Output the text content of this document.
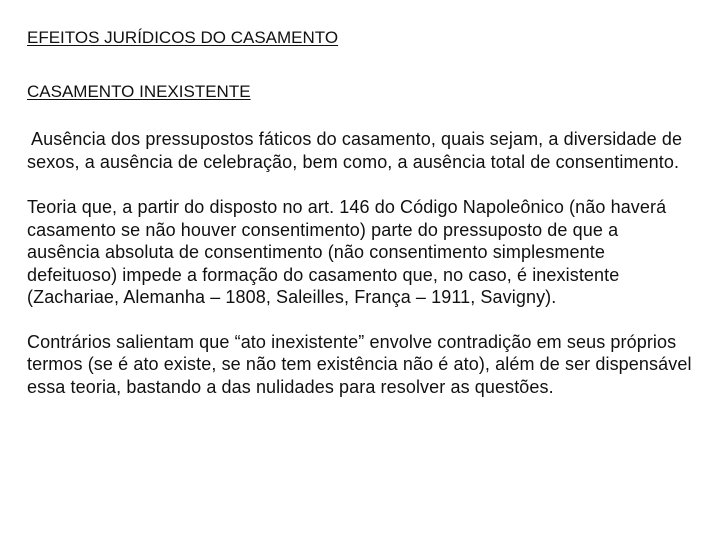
EFEITOS JURÍDICOS DO CASAMENTO
CASAMENTO INEXISTENTE

Ausência dos pressupostos fáticos do casamento, quais sejam, a diversidade de sexos, a ausência de celebração, bem como, a ausência total de consentimento.

Teoria que, a partir do disposto no art. 146 do Código Napoleônico (não haverá casamento se não houver consentimento) parte do pressuposto de que a ausência absoluta de consentimento (não consentimento simplesmente defeituoso) impede a formação do casamento que, no caso, é inexistente (Zachariae, Alemanha – 1808, Saleilles, França – 1911, Savigny).

Contrários salientam que “ato inexistente” envolve contradição em seus próprios termos (se é ato existe, se não tem existência não é ato), além de ser dispensável essa teoria, bastando a das nulidades para resolver as questões.
